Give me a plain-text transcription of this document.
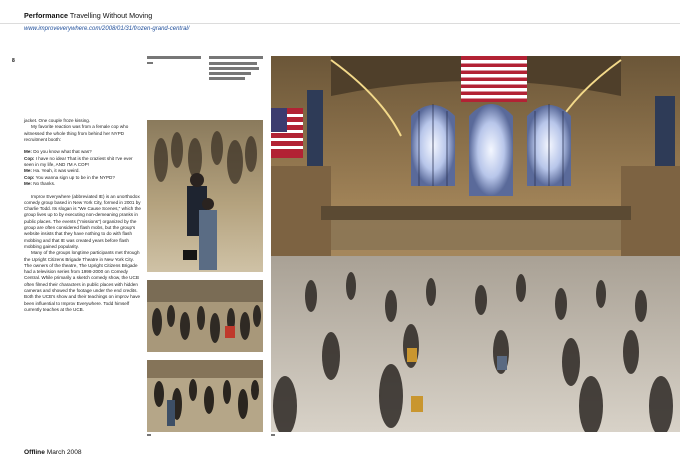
Performance Travelling Without Moving
www.improveverywhere.com/2008/01/31/frozen-grand-central/
8

jacket. One couple froze kissing.

My favorite reaction was from a female cop who witnessed the whole thing from behind her NYPD recruitment booth:

Me: Do you know what that was?

Cop: I have no idea! That is the craziest shit I've ever seen in my life, AND I'M A COP!

Me: Ha. Yeah, it was weird.

Cop: You wanna sign up to be in the NYPD?

Me: No thanks.

Improv Everywhere (abbreviated IE) is an unorthodox comedy group based in New York City, formed in 2001 by Charlie Todd. Its slogan is "We Cause Scenes," which the group lives up to by executing non-demeaning pranks in public places. The events ("missions") organized by the group are often considered flash mobs, but the group's website insists that they have nothing to do with flash mobbing and that IE was created years before flash mobbing gained popularity.

Many of the groups longtime participants met through the Upright Citizens Brigade Theatre in New York City. The owners of the theatre, The Upright Citizens Brigade had a television series from 1998-2000 on Comedy Central. While primarily a sketch comedy show, the UCB often filmed their characters in public places with hidden cameras and showed the footage under the end credits. Both the UCB's show and their teachings on improv have been influential to Improv Everywhere. Todd himself currently teaches at the UCB.

Offline March 2008
